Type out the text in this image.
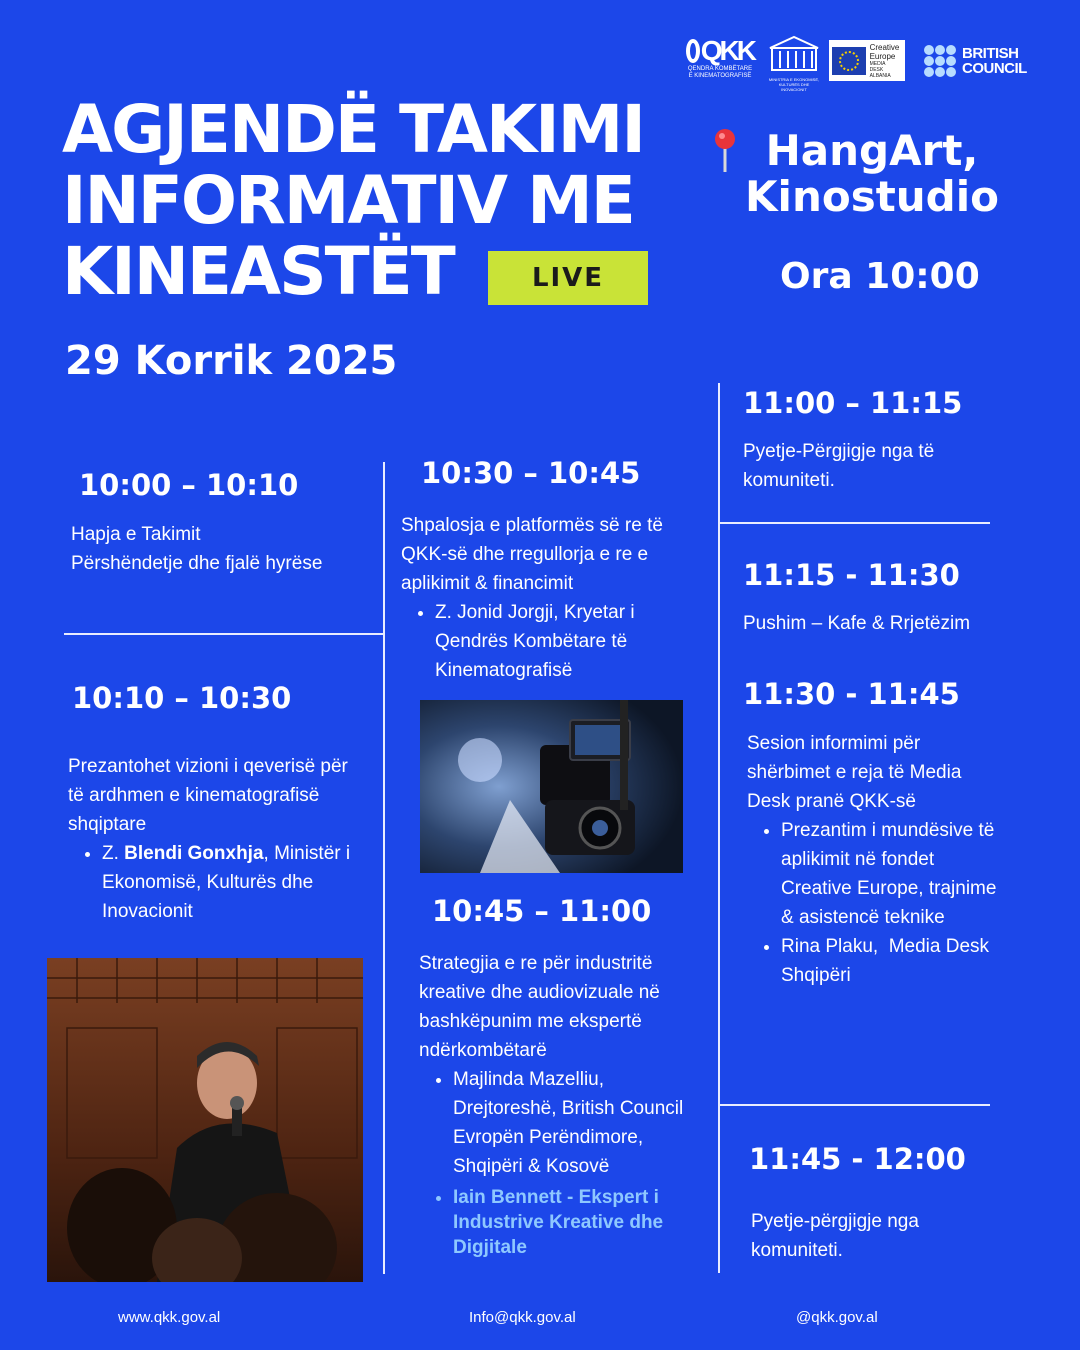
QKK
QENDRA KOMBËTARE E KINEMATOGRAFISË
MINISTRIA E EKONOMISË, KULTURËS DHE INOVACIONIT
Creative
Europe
MEDIA
DESK ALBANIA
BRITISH
COUNCIL
AGJENDË TAKIMI
INFORMATIV ME
KINEASTËT	LIVE
HangArt,
Kinostudio
Ora 10:00
29 Korrik 2025
10:00 – 10:10
Hapja e Takimit
Përshëndetje dhe fjalë hyrëse
10:10 – 10:30
Prezantohet vizioni i qeverisë për të ardhmen e kinematografisë shqiptare
• Z. Blendi Gonxhja, Ministër i Ekonomisë, Kulturës dhe Inovacionit
10:30 – 10:45
Shpalosja e platformës së re të QKK-së dhe rregullorja e re e aplikimit & financimit
• Z. Jonid Jorgji, Kryetar i Qendrës Kombëtare të Kinematografisë
10:45 – 11:00
Strategjia e re për industritë kreative dhe audiovizuale në bashkëpunim me ekspertë ndërkombëtarë
• Majlinda Mazelliu, Drejtoreshë, British Council Evropën Perëndimore, Shqipëri & Kosovë
• Iain Bennett - Ekspert i Industrive Kreative dhe Digjitale
11:00 – 11:15
Pyetje-Përgjigje nga të komuniteti.
11:15 - 11:30
Pushim – Kafe & Rrjetëzim
11:30 - 11:45
Sesion informimi për shërbimet e reja të Media Desk pranë QKK-së
• Prezantim i mundësive të aplikimit në fondet Creative Europe, trajnime & asistencë teknike
• Rina Plaku,  Media Desk Shqipëri
11:45 - 12:00
Pyetje-përgjigje nga komuniteti.
www.qkk.gov.al	Info@qkk.gov.al	@qkk.gov.al
